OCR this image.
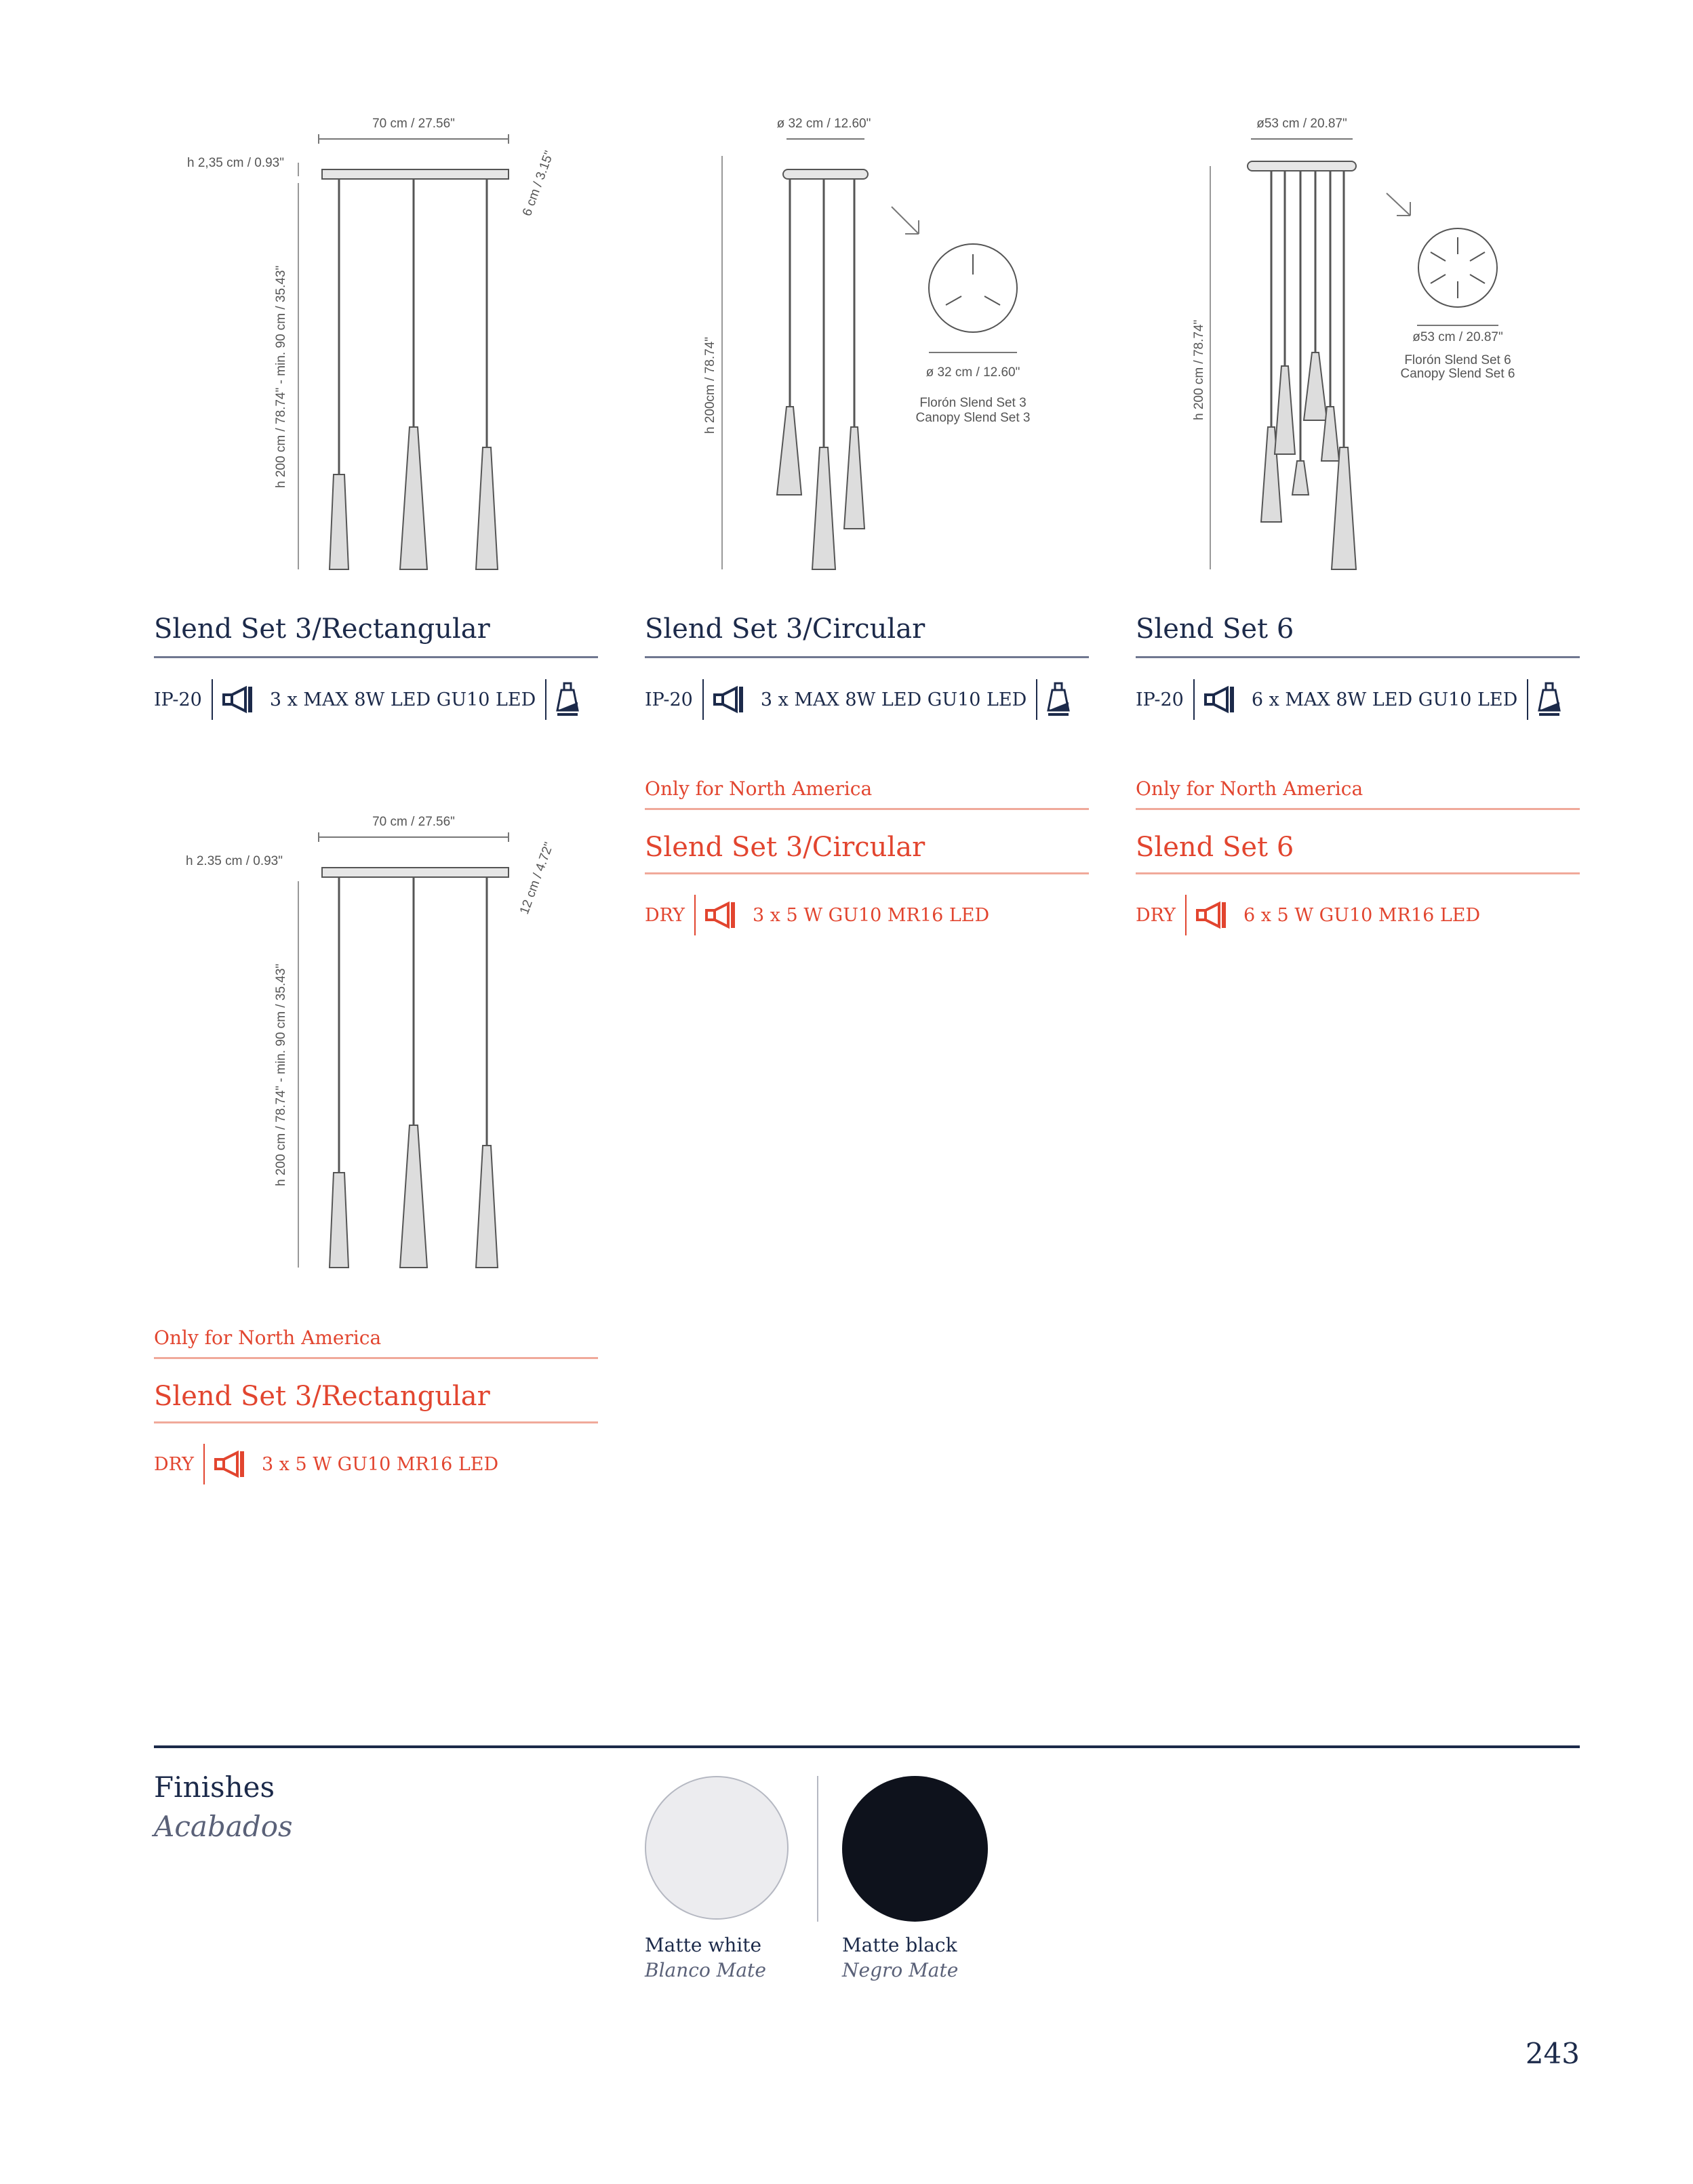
70 cm / 27.56"
h 2,35 cm / 0.93"
h 200 cm / 78.74" - min. 90 cm / 35.43"
6 cm / 3.15"
ø 32 cm / 12.60"
h 200cm / 78.74"	ø 32 cm / 12.60"
Florón Slend Set 3
Canopy Slend Set 3
ø53 cm / 20.87"
h 200 cm / 78.74"	ø53 cm / 20.87"
Florón Slend Set 6
Canopy Slend Set 6
70 cm / 27.56"
h 2.35 cm / 0.93"
h 200 cm / 78.74" - min. 90 cm / 35.43"
12 cm / 4.72"
Slend Set 3/Rectangular
IP-20	3 x MAX 8W LED GU10 LED
Slend Set 3/Circular
IP-20	3 x MAX 8W LED GU10 LED
Slend Set 6
IP-20	6 x MAX 8W LED GU10 LED
Only for North America
Slend Set 3/Circular
DRY	3 x 5 W GU10 MR16 LED
Only for North America
Slend Set 6
DRY	6 x 5 W GU10 MR16 LED
Only for North America
Slend Set 3/Rectangular
DRY	3 x 5 W GU10 MR16 LED
Finishes
Acabados
Matte white
Blanco Mate
Matte black
Negro Mate
243
